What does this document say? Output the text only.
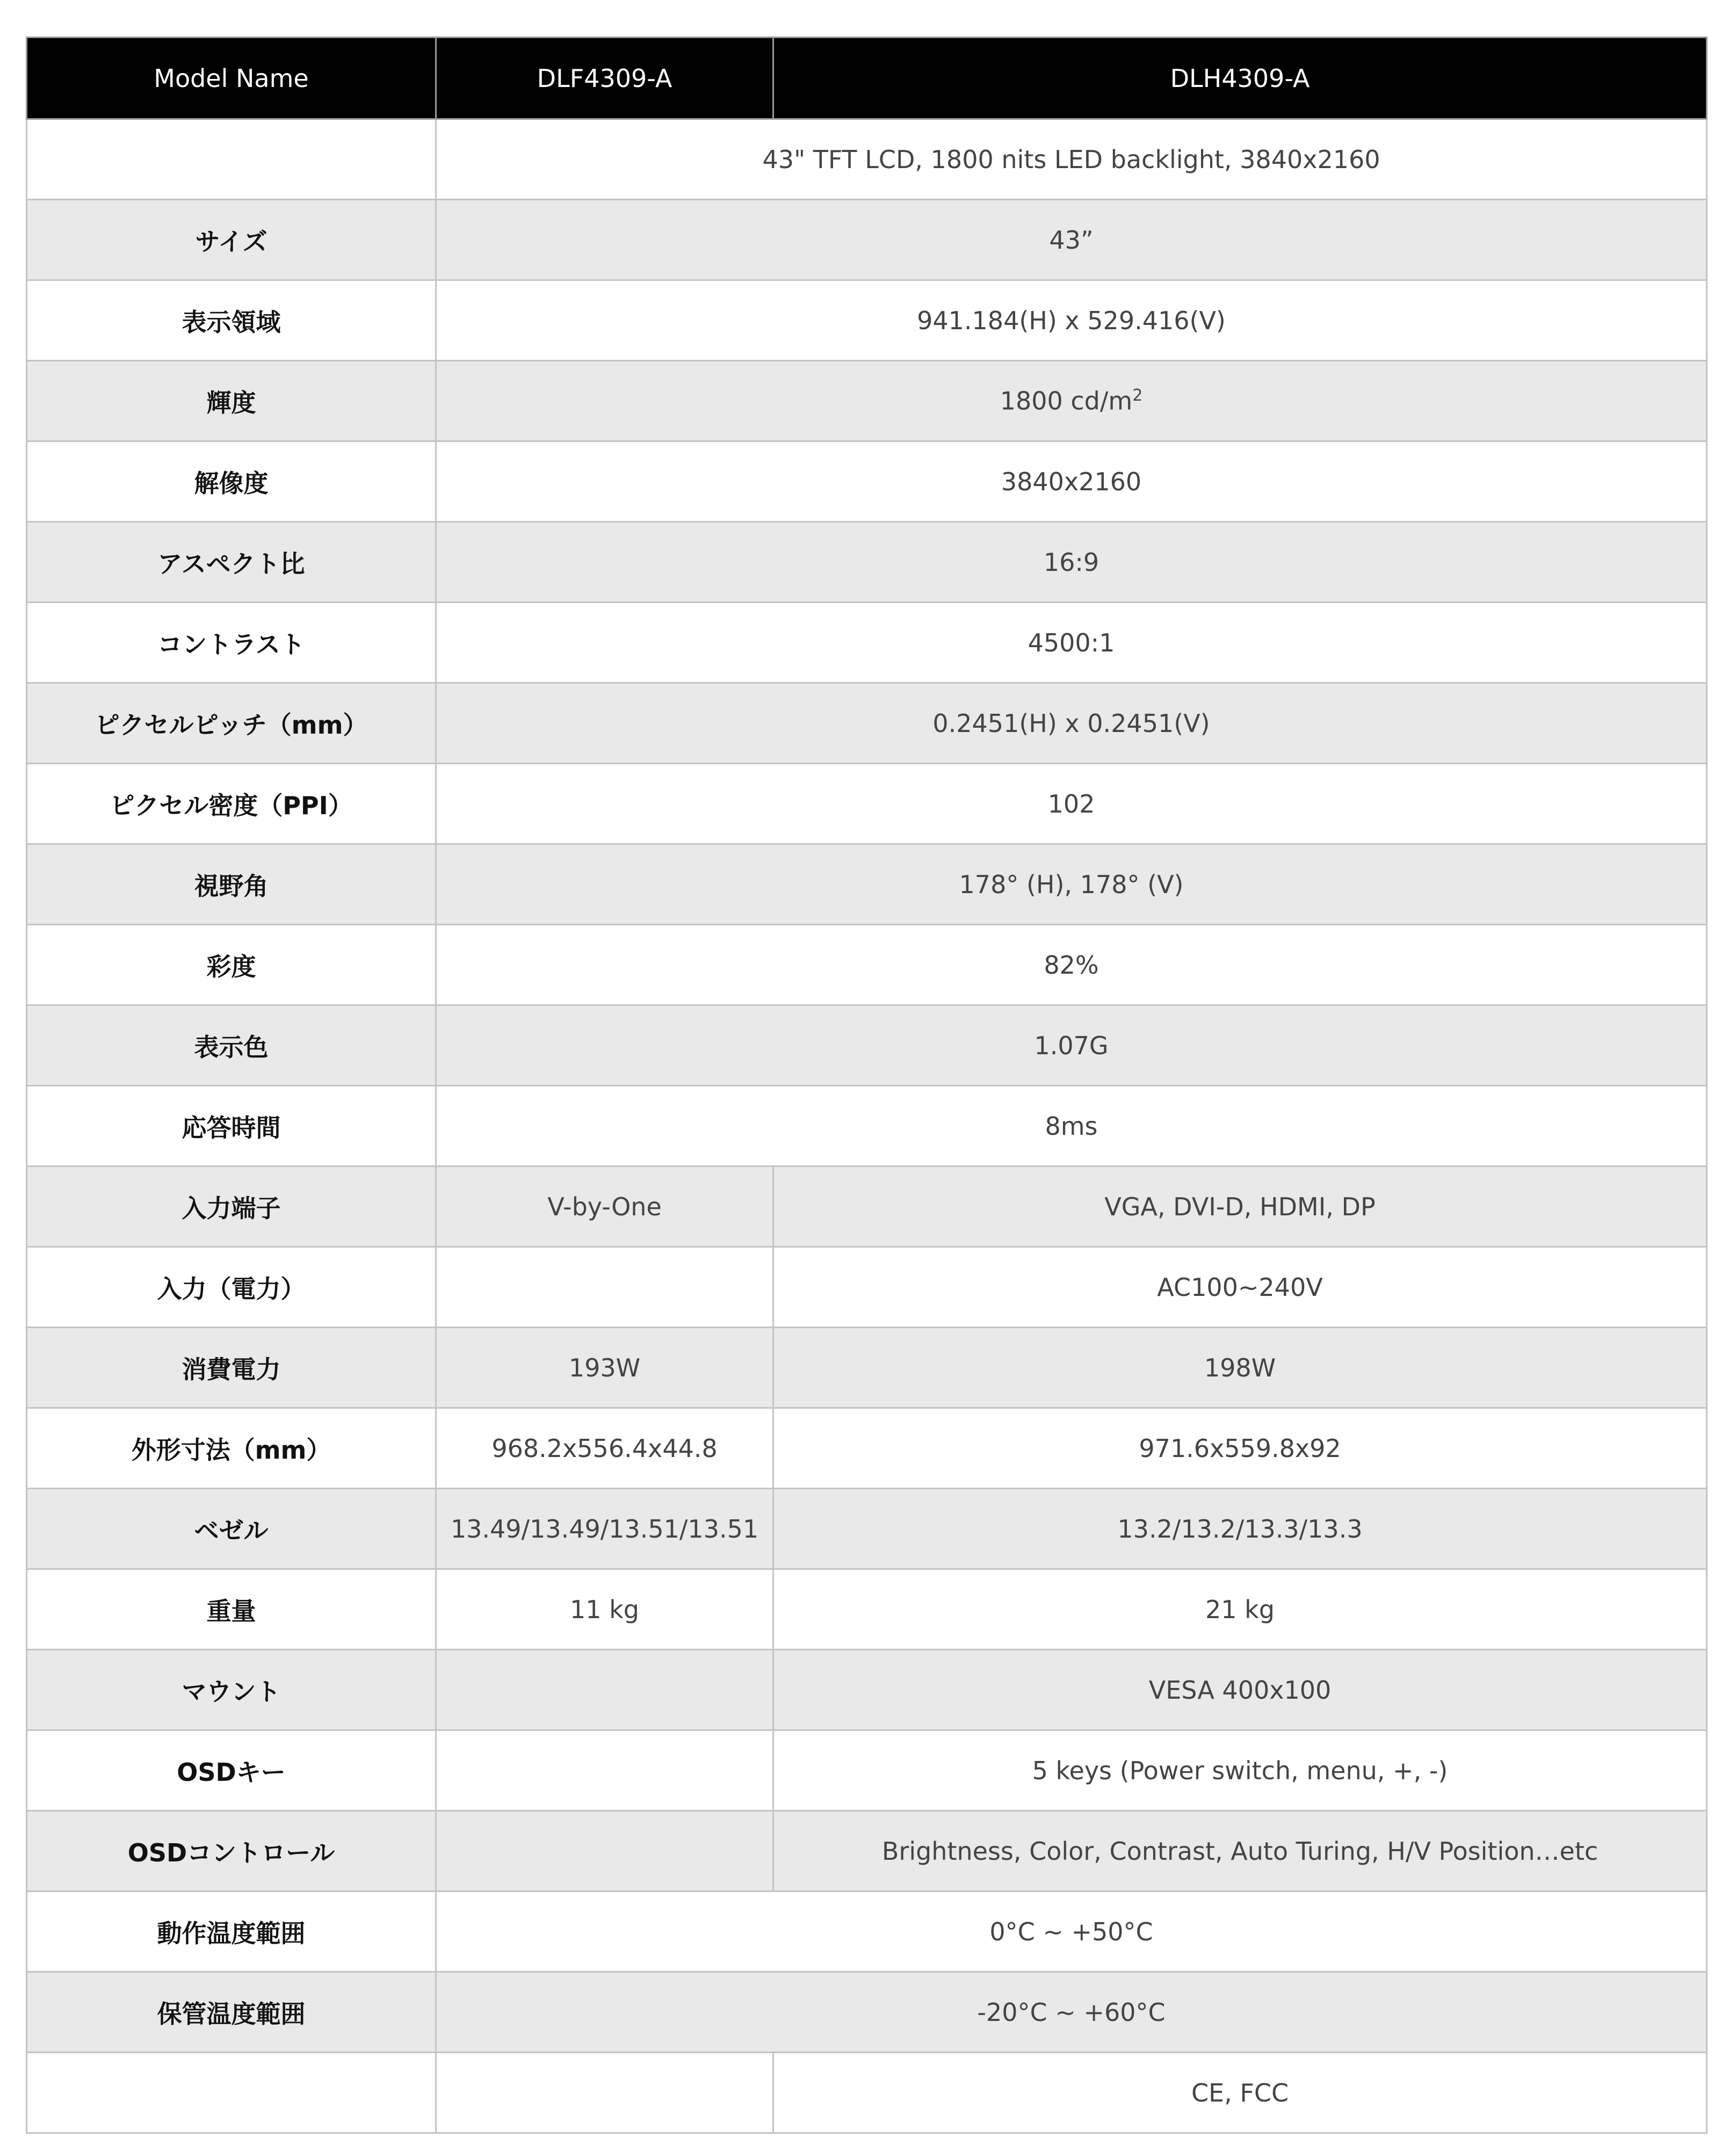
Model Name	DLF4309-A	DLH4309-A
	43" TFT LCD, 1800 nits LED backlight, 3840x2160	
サイズ	43”	
表示領域	941.184(H) x 529.416(V)	
輝度	1800 $cd/m^2$
解像度	3840x2160	
アスペクト比	16:9	
コントラスト	4500:1	
ピクセルピッチ（mm）	0.2451(H) x 0.2451(V)	
ピクセル密度（PPI）	102	
視野角	178° (H), 178° (V)	
彩度	82%	
表示色	1.07G	
応答時間	8ms	
入力端子	V-by-One	VGA, DVI-D, HDMI, DP
入力（電力）		AC100~240V
消費電力	193W	198W
外形寸法（mm）	968.2x556.4x44.8	971.6x559.8x92
ベゼル	13.49/13.49/13.51/13.51	13.2/13.2/13.3/13.3
重量	11 kg	21 kg
マウント		VESA 400x100
OSDキー		5 keys (Power switch, menu, +, -)
OSDコントロール		Brightness, Color, Contrast, Auto Turing, H/V Position…etc
動作温度範囲	0°C ~ +50°C	
保管温度範囲	-20°C ~ +60°C	
		CE, FCC
